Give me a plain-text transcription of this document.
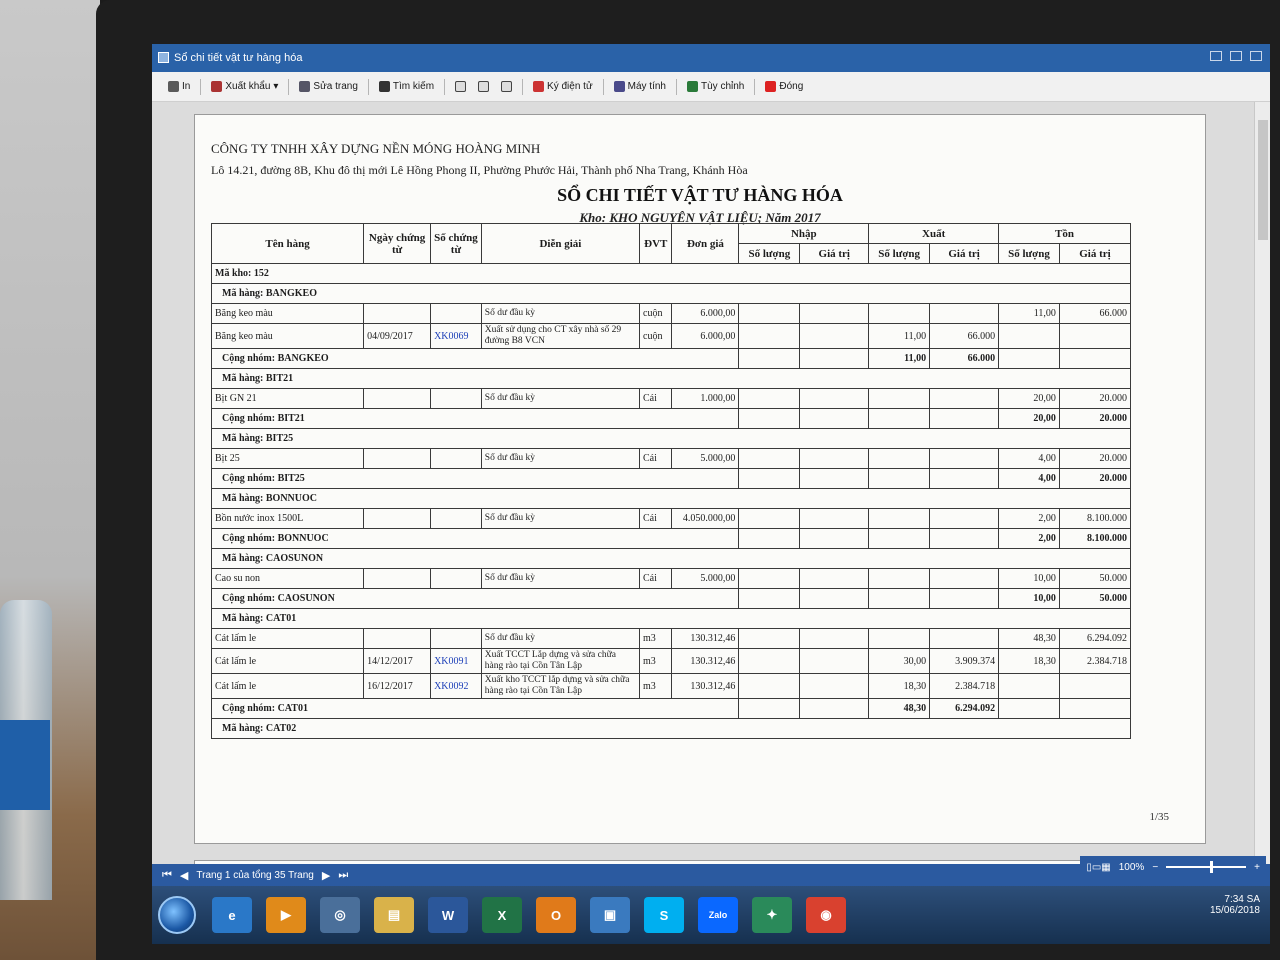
Sổ chi tiết vật tư hàng hóa
In	Xuất khẩu ▾	Sửa trang	Tìm kiếm	Ký điện tử	Máy tính	Tùy chỉnh	Đóng
CÔNG TY TNHH XÂY DỰNG NỀN MÓNG HOÀNG MINH
Lô 14.21, đường 8B, Khu đô thị mới Lê Hồng Phong II, Phường Phước Hải, Thành phố Nha Trang, Khánh Hòa
SỔ CHI TIẾT VẬT TƯ HÀNG HÓA
Kho: KHO NGUYÊN VẬT LIỆU; Năm 2017
Tên hàng	Ngày chứng từ	Số chứng từ	Diễn giải	ĐVT	Đơn giá	Nhập		Xuất		Tồn	
						Số lượng	Giá trị	Số lượng	Giá trị	Số lượng	Giá trị
Mã kho: 152											
Mã hàng: BANGKEO											
Băng keo màu			Số dư đầu kỳ	cuộn	6.000,00					11,00	66.000
Băng keo màu	04/09/2017	XK0069	Xuất sử dụng cho CT xây nhà số 29 đường B8 VCN	cuộn	6.000,00			11,00	66.000		
Cộng nhóm: BANGKEO								11,00	66.000		
Mã hàng: BIT21											
Bịt GN 21			Số dư đầu kỳ	Cái	1.000,00					20,00	20.000
Cộng nhóm: BIT21										20,00	20.000
Mã hàng: BIT25											
Bịt 25			Số dư đầu kỳ	Cái	5.000,00					4,00	20.000
Cộng nhóm: BIT25										4,00	20.000
Mã hàng: BONNUOC											
Bồn nước inox 1500L			Số dư đầu kỳ	Cái	4.050.000,00					2,00	8.100.000
Cộng nhóm: BONNUOC										2,00	8.100.000
Mã hàng: CAOSUNON											
Cao su non			Số dư đầu kỳ	Cái	5.000,00					10,00	50.000
Cộng nhóm: CAOSUNON										10,00	50.000
Mã hàng: CAT01											
Cát lấm le			Số dư đầu kỳ	m3	130.312,46					48,30	6.294.092
Cát lấm le	14/12/2017	XK0091	Xuất TCCT Lắp dựng và sửa chữa hàng rào tại Cồn Tân Lập	m3	130.312,46			30,00	3.909.374	18,30	2.384.718
Cát lấm le	16/12/2017	XK0092	Xuất kho TCCT lắp dựng và sửa chữa hàng rào tại Cồn Tân Lập	m3	130.312,46			18,30	2.384.718		
Cộng nhóm: CAT01								48,30	6.294.092		
Mã hàng: CAT02											
1/35
⏮ ◀ Trang 1 của tổng 35 Trang ▶ ⏭
▯▭▦ 100% −	+
e	▶	◎	▤	W	X	O	▣	S	Zalo	✦	◉
7:34 SA
15/06/2018
